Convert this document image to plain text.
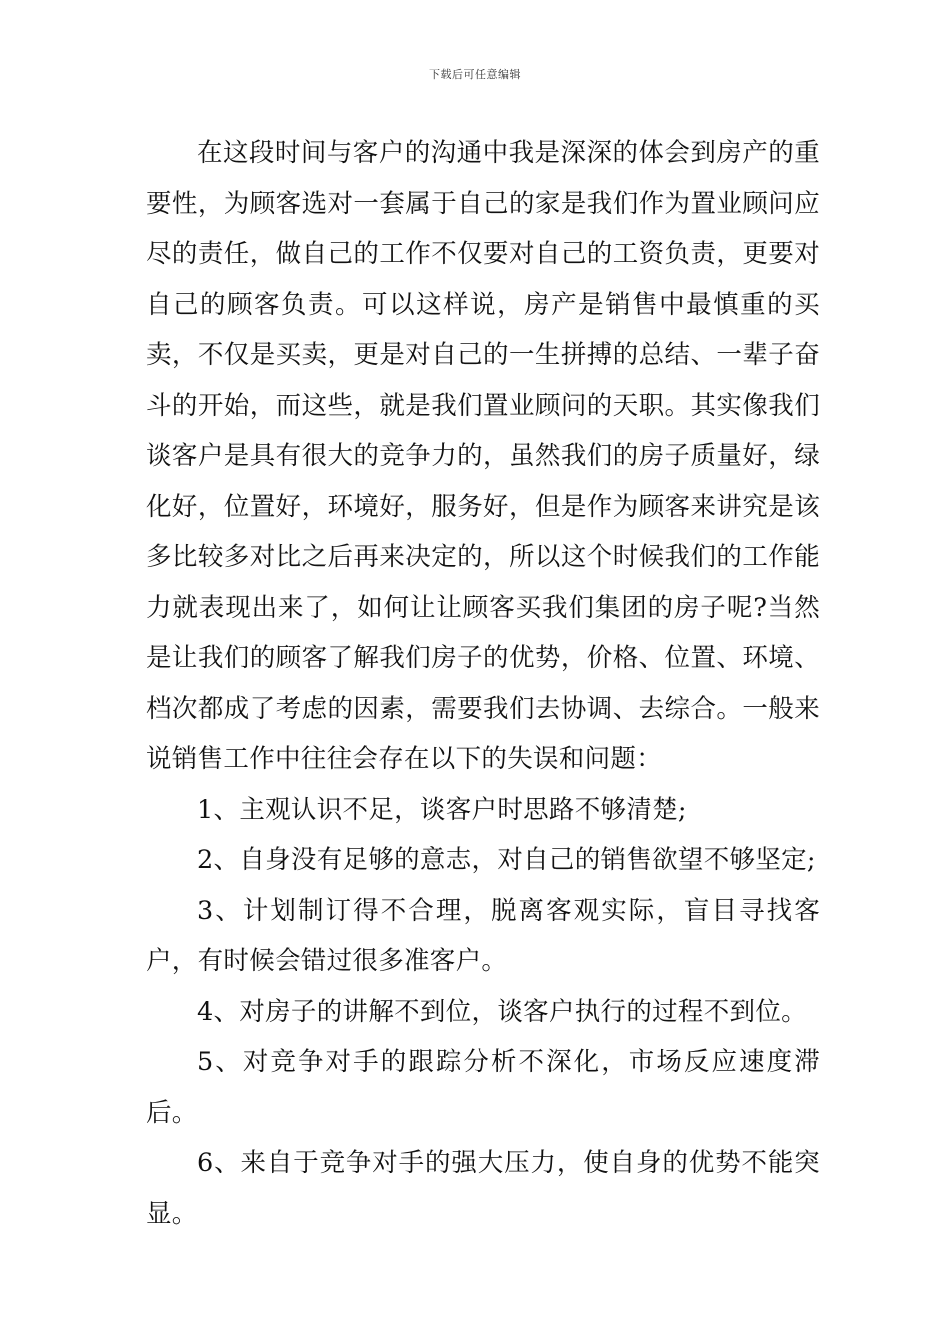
下载后可任意编辑

在这段时间与客户的沟通中我是深深的体会到房产的重要性，为顾客选对一套属于自己的家是我们作为置业顾问应尽的责任，做自己的工作不仅要对自己的工资负责，更要对自己的顾客负责。可以这样说，房产是销售中最慎重的买卖，不仅是买卖，更是对自己的一生拼搏的总结、一辈子奋斗的开始，而这些，就是我们置业顾问的天职。其实像我们谈客户是具有很大的竞争力的，虽然我们的房子质量好，绿化好，位置好，环境好，服务好，但是作为顾客来讲究是该多比较多对比之后再来决定的，所以这个时候我们的工作能力就表现出来了，如何让让顾客买我们集团的房子呢?当然是让我们的顾客了解我们房子的优势，价格、位置、环境、档次都成了考虑的因素，需要我们去协调、去综合。一般来说销售工作中往往会存在以下的失误和问题：

1、主观认识不足，谈客户时思路不够清楚;

2、自身没有足够的意志，对自己的销售欲望不够坚定;

3、计划制订得不合理，脱离客观实际，盲目寻找客户，有时候会错过很多准客户。

4、对房子的讲解不到位，谈客户执行的过程不到位。

5、对竞争对手的跟踪分析不深化，市场反应速度滞后。

6、来自于竞争对手的强大压力，使自身的优势不能突显。
